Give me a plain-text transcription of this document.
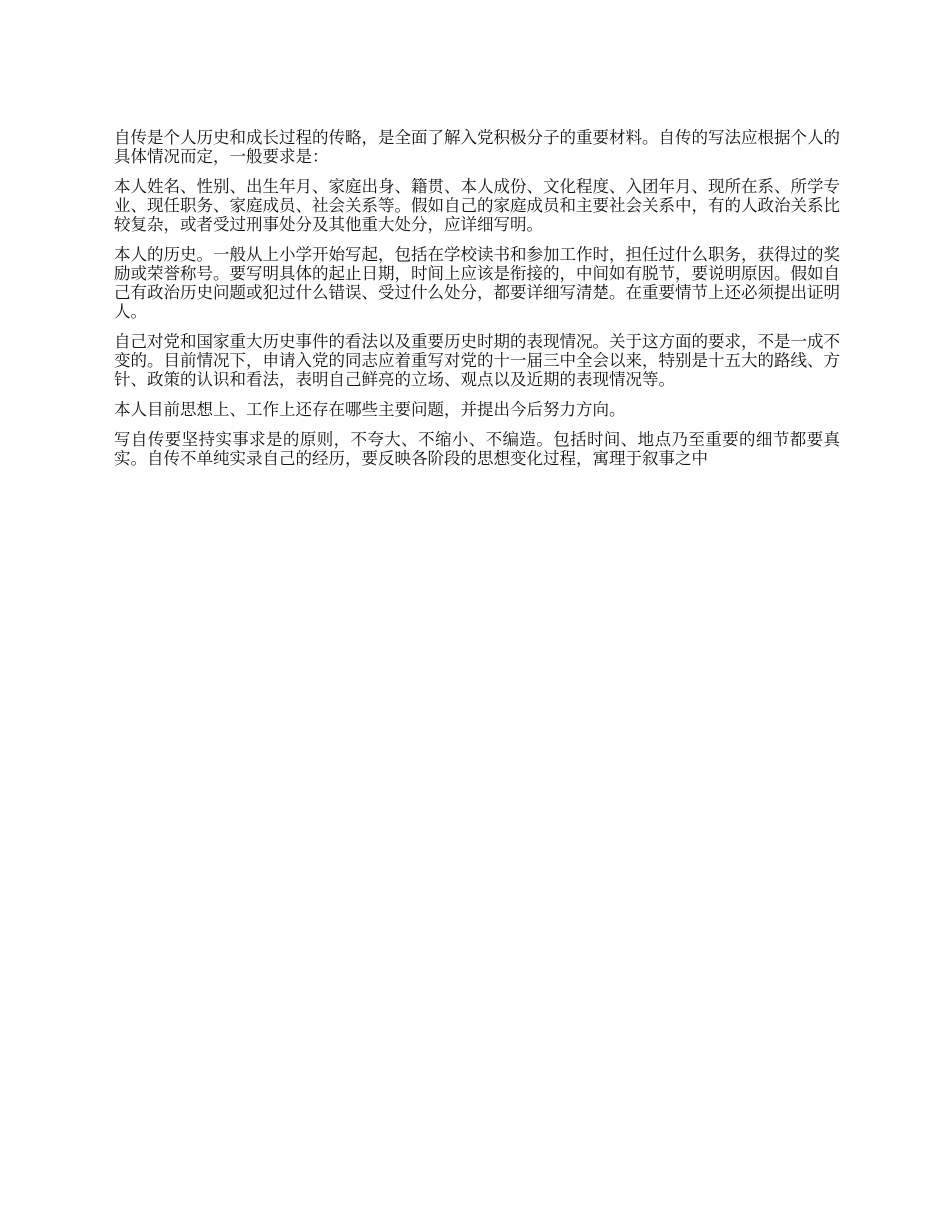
自传是个人历史和成长过程的传略，是全面了解入党积极分子的重要材料。自传的写法应根据个人的具体情况而定，一般要求是：

本人姓名、性别、出生年月、家庭出身、籍贯、本人成份、文化程度、入团年月、现所在系、所学专业、现任职务、家庭成员、社会关系等。假如自己的家庭成员和主要社会关系中，有的人政治关系比较复杂，或者受过刑事处分及其他重大处分，应详细写明。

本人的历史。一般从上小学开始写起，包括在学校读书和参加工作时，担任过什么职务，获得过的奖励或荣誉称号。要写明具体的起止日期，时间上应该是衔接的，中间如有脱节，要说明原因。假如自己有政治历史问题或犯过什么错误、受过什么处分，都要详细写清楚。在重要情节上还必须提出证明人。

自己对党和国家重大历史事件的看法以及重要历史时期的表现情况。关于这方面的要求，不是一成不变的。目前情况下，申请入党的同志应着重写对党的十一届三中全会以来，特别是十五大的路线、方针、政策的认识和看法，表明自己鲜亮的立场、观点以及近期的表现情况等。

本人目前思想上、工作上还存在哪些主要问题，并提出今后努力方向。

写自传要坚持实事求是的原则，不夸大、不缩小、不编造。包括时间、地点乃至重要的细节都要真实。自传不单纯实录自己的经历，要反映各阶段的思想变化过程，寓理于叙事之中
